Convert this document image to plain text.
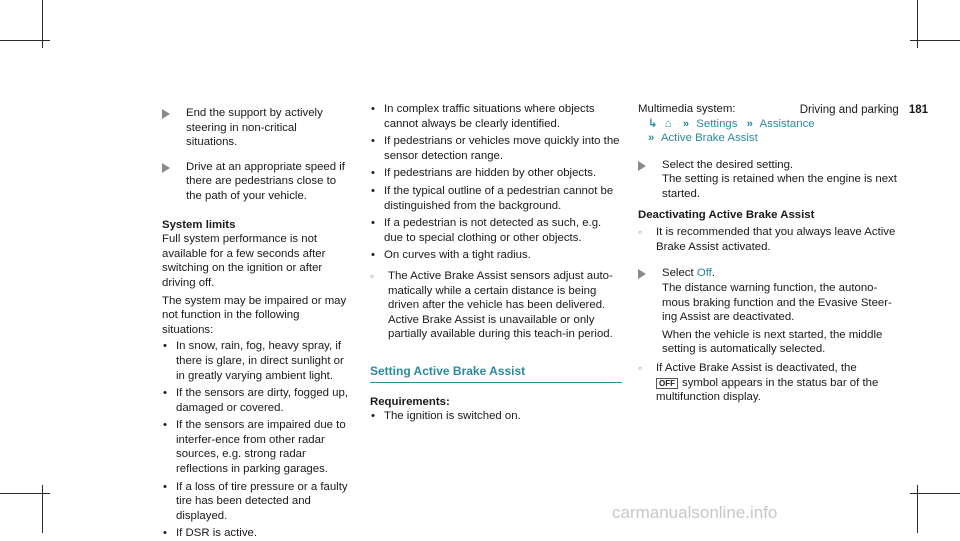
Driving and parking 181
End the support by actively steering in non-critical situations.
Drive at an appropriate speed if there are pedestrians close to the path of your vehicle.
System limits
Full system performance is not available for a few seconds after switching on the ignition or after driving off.
The system may be impaired or may not function in the following situations:
• In snow, rain, fog, heavy spray, if there is glare, in direct sunlight or in greatly varying ambient light.
• If the sensors are dirty, fogged up, damaged or covered.
• If the sensors are impaired due to interfer-ence from other radar sources, e.g. strong radar reflections in parking garages.
• If a loss of tire pressure or a faulty tire has been detected and displayed.
• If DSR is active.
• In complex traffic situations where objects cannot always be clearly identified.
• If pedestrians or vehicles move quickly into the sensor detection range.
• If pedestrians are hidden by other objects.
• If the typical outline of a pedestrian cannot be distinguished from the background.
• If a pedestrian is not detected as such, e.g. due to special clothing or other objects.
• On curves with a tight radius.
◦ The Active Brake Assist sensors adjust auto-matically while a certain distance is being driven after the vehicle has been delivered. Active Brake Assist is unavailable or only partially available during this teach-in period.
Setting Active Brake Assist
Requirements:
• The ignition is switched on.
Multimedia system:
↳ ⌂ » Settings » Assistance
» Active Brake Assist
Select the desired setting.
The setting is retained when the engine is next started.
Deactivating Active Brake Assist
◦ It is recommended that you always leave Active Brake Assist activated.
Select Off.
The distance warning function, the autono-mous braking function and the Evasive Steer-ing Assist are deactivated.
When the vehicle is next started, the middle setting is automatically selected.
◦ If Active Brake Assist is deactivated, the
OFF symbol appears in the status bar of the multifunction display.
carmanualsonline.info
